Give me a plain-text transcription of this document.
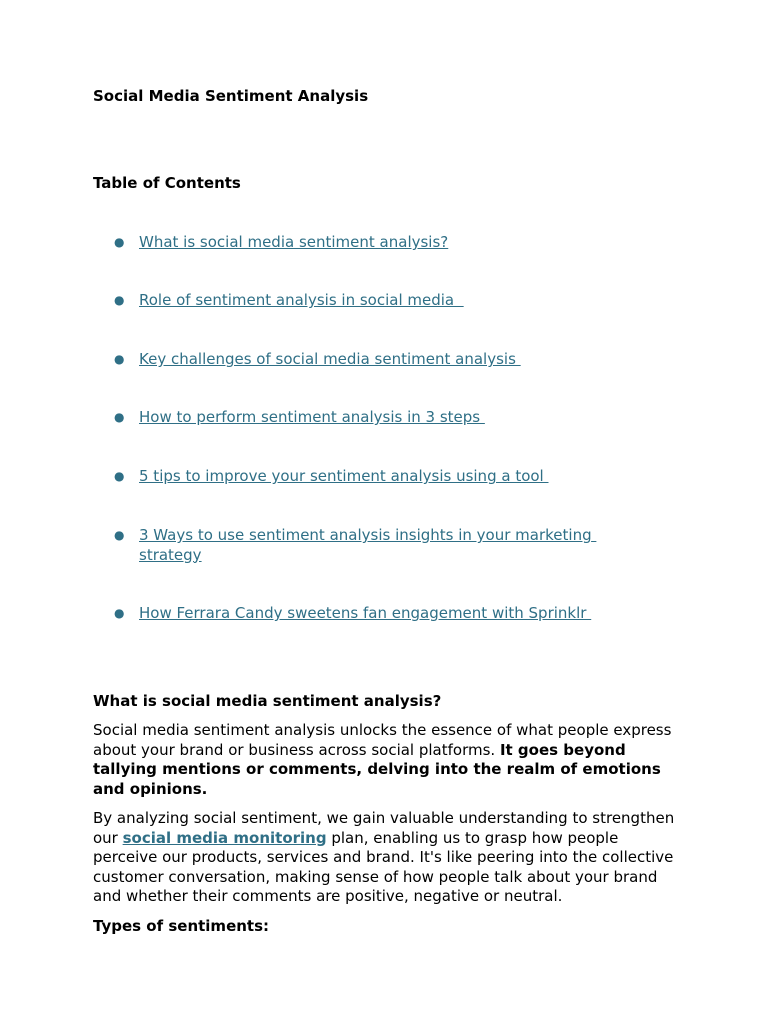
Social Media Sentiment Analysis
Table of Contents
● What is social media sentiment analysis?
● Role of sentiment analysis in social media
● Key challenges of social media sentiment analysis
● How to perform sentiment analysis in 3 steps
● 5 tips to improve your sentiment analysis using a tool
● 3 Ways to use sentiment analysis insights in your marketing strategy
● How Ferrara Candy sweetens fan engagement with Sprinklr
What is social media sentiment analysis?

Social media sentiment analysis unlocks the essence of what people express about your brand or business across social platforms. It goes beyond tallying mentions or comments, delving into the realm of emotions and opinions.

By analyzing social sentiment, we gain valuable understanding to strengthen our social media monitoring plan, enabling us to grasp how people perceive our products, services and brand. It's like peering into the collective customer conversation, making sense of how people talk about your brand and whether their comments are positive, negative or neutral.

Types of sentiments:
